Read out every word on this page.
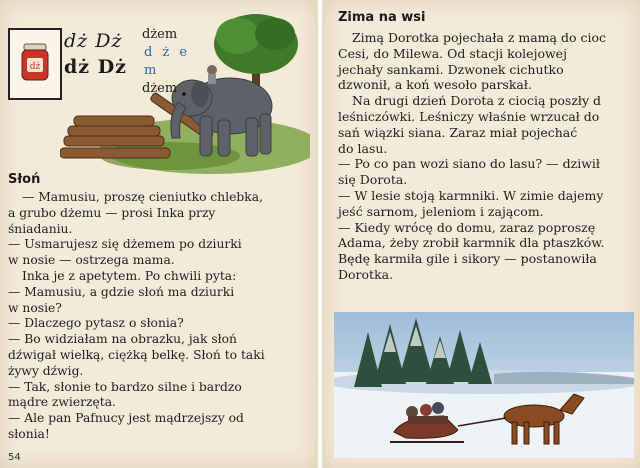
dż
dż Dż
dż Dż
dżem
d ż e m
dżem
Słoń
— Mamusiu, proszę cieniutko chlebka,
a grubo dżemu — prosi Inka przy
śniadaniu.
— Usmarujesz się dżemem po dziurki
w nosie — ostrzega mama.
Inka je z apetytem. Po chwili pyta:
— Mamusiu, a gdzie słoń ma dziurki
w nosie?
— Dlaczego pytasz o słonia?
— Bo widziałam na obrazku, jak słoń
dźwigał wielką, ciężką belkę. Słoń to taki
żywy dźwig.
— Tak, słonie to bardzo silne i bardzo
mądre zwierzęta.
— Ale pan Pafnucy jest mądrzejszy od
słonia!
54
Zima na wsi
Zimą Dorotka pojechała z mamą do cioc
Cesi, do Milewa. Od stacji kolejowej
jechały sankami. Dzwonek cichutko
dzwonił, a koń wesoło parskał.
Na drugi dzień Dorota z ciocią poszły d
leśniczówki. Leśniczy właśnie wrzucał do
sań wiązki siana. Zaraz miał pojechać
do lasu.
— Po co pan wozi siano do lasu? — dziwił
się Dorota.
— W lesie stoją karmniki. W zimie dajemy
jeść sarnom, jeleniom i zającom.
— Kiedy wrócę do domu, zaraz poproszę
Adama, żeby zrobił karmnik dla ptaszków.
Będę karmiła gile i sikory — postanowiła
Dorotka.
